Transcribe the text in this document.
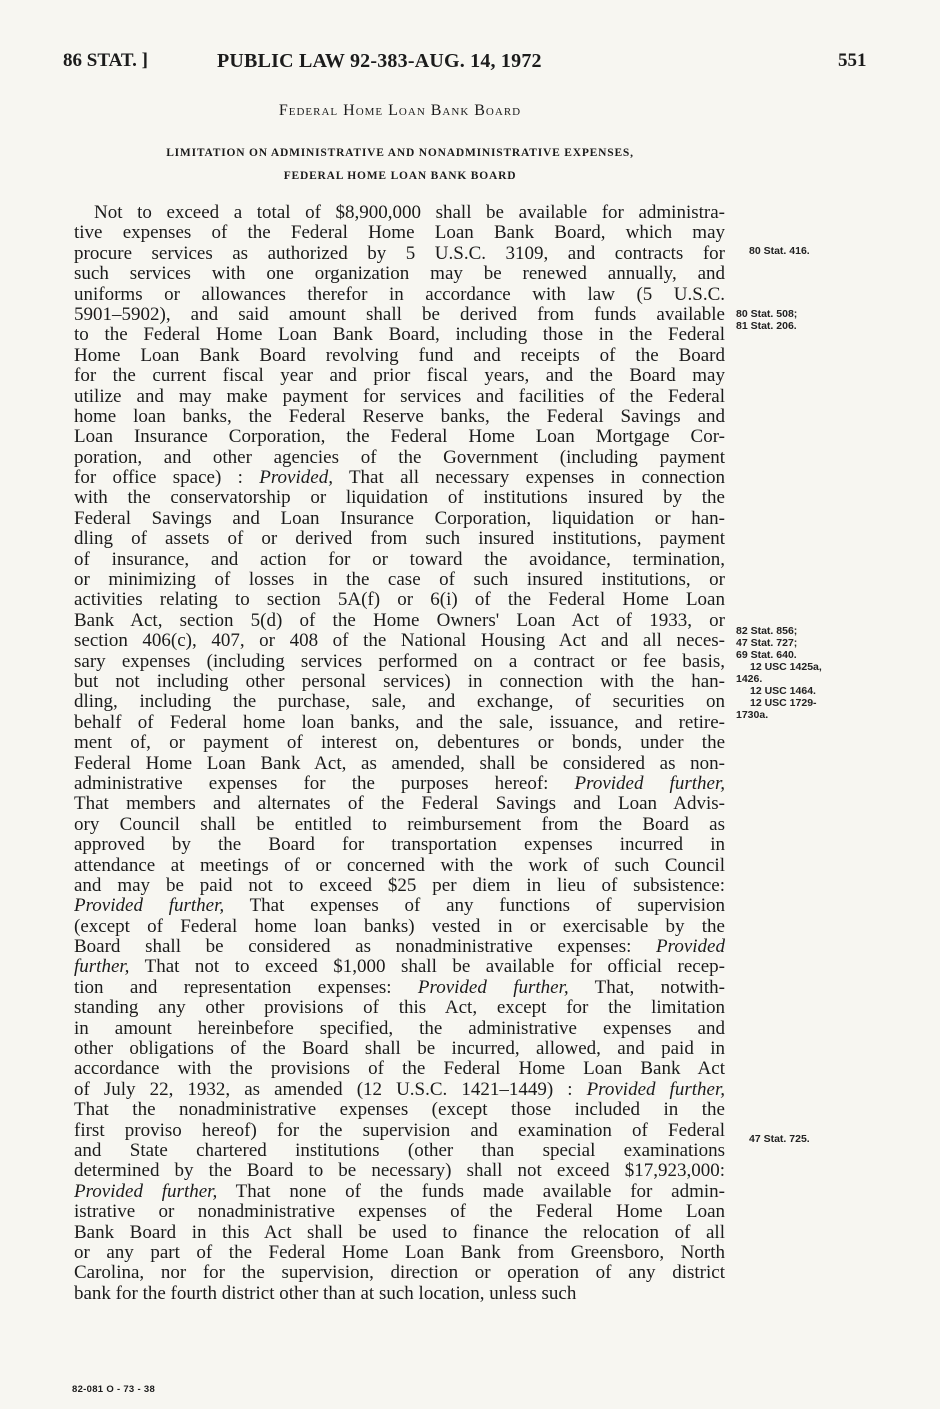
86 STAT. ]	PUBLIC LAW 92-383-AUG. 14, 1972	551
Federal Home Loan Bank Board
LIMITATION ON ADMINISTRATIVE AND NONADMINISTRATIVE EXPENSES,
FEDERAL HOME LOAN BANK BOARD
Not to exceed a total of $8,900,000 shall be available for administra-
tive expenses of the Federal Home Loan Bank Board, which may
procure services as authorized by 5 U.S.C. 3109, and contracts for
such services with one organization may be renewed annually, and
uniforms or allowances therefor in accordance with law (5 U.S.C.
5901–5902), and said amount shall be derived from funds available
to the Federal Home Loan Bank Board, including those in the Federal
Home Loan Bank Board revolving fund and receipts of the Board
for the current fiscal year and prior fiscal years, and the Board may
utilize and may make payment for services and facilities of the Federal
home loan banks, the Federal Reserve banks, the Federal Savings and
Loan Insurance Corporation, the Federal Home Loan Mortgage Cor-
poration, and other agencies of the Government (including payment
for office space) : Provided, That all necessary expenses in connection
with the conservatorship or liquidation of institutions insured by the
Federal Savings and Loan Insurance Corporation, liquidation or han-
dling of assets of or derived from such insured institutions, payment
of insurance, and action for or toward the avoidance, termination,
or minimizing of losses in the case of such insured institutions, or
activities relating to section 5A(f) or 6(i) of the Federal Home Loan
Bank Act, section 5(d) of the Home Owners' Loan Act of 1933, or
section 406(c), 407, or 408 of the National Housing Act and all neces-
sary expenses (including services performed on a contract or fee basis,
but not including other personal services) in connection with the han-
dling, including the purchase, sale, and exchange, of securities on
behalf of Federal home loan banks, and the sale, issuance, and retire-
ment of, or payment of interest on, debentures or bonds, under the
Federal Home Loan Bank Act, as amended, shall be considered as non-
administrative expenses for the purposes hereof: Provided further,
That members and alternates of the Federal Savings and Loan Advis-
ory Council shall be entitled to reimbursement from the Board as
approved by the Board for transportation expenses incurred in
attendance at meetings of or concerned with the work of such Council
and may be paid not to exceed $25 per diem in lieu of subsistence:
Provided further, That expenses of any functions of supervision
(except of Federal home loan banks) vested in or exercisable by the
Board shall be considered as nonadministrative expenses: Provided
further, That not to exceed $1,000 shall be available for official recep-
tion and representation expenses: Provided further, That, notwith-
standing any other provisions of this Act, except for the limitation
in amount hereinbefore specified, the administrative expenses and
other obligations of the Board shall be incurred, allowed, and paid in
accordance with the provisions of the Federal Home Loan Bank Act
of July 22, 1932, as amended (12 U.S.C. 1421–1449) : Provided further,
That the nonadministrative expenses (except those included in the
first proviso hereof) for the supervision and examination of Federal
and State chartered institutions (other than special examinations
determined by the Board to be necessary) shall not exceed $17,923,000:
Provided further, That none of the funds made available for admin-
istrative or nonadministrative expenses of the Federal Home Loan
Bank Board in this Act shall be used to finance the relocation of all
or any part of the Federal Home Loan Bank from Greensboro, North
Carolina, nor for the supervision, direction or operation of any district
bank for the fourth district other than at such location, unless such
80 Stat. 416.
80 Stat. 508;
81 Stat. 206.
82 Stat. 856;
47 Stat. 727;
69 Stat. 640.
12 USC 1425a,
1426.
12 USC 1464.
12 USC 1729-
1730a.
47 Stat. 725.
82-081 O - 73 - 38
